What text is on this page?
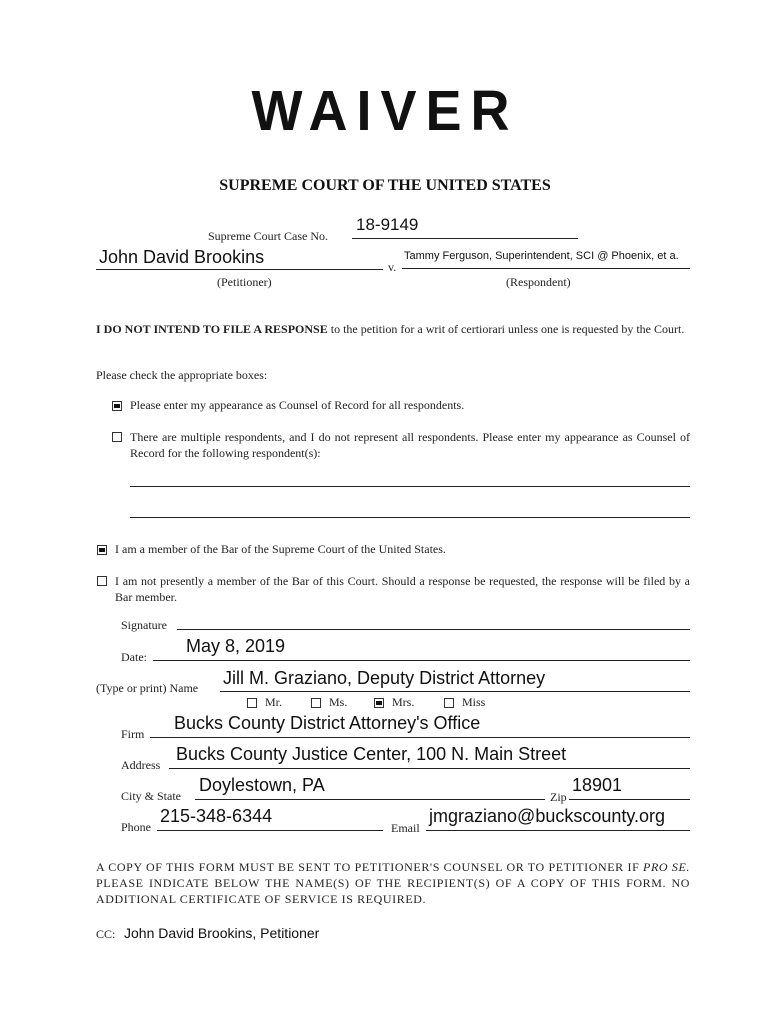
WAIVER
SUPREME COURT OF THE UNITED STATES
Supreme Court Case No.
18-9149
John David Brookins	v.
Tammy Ferguson, Superintendent, SCI @ Phoenix, et a.
(Petitioner)	(Respondent)
I DO NOT INTEND TO FILE A RESPONSE to the petition for a writ of certiorari unless one is requested by the Court.
Please check the appropriate boxes:
Please enter my appearance as Counsel of Record for all respondents.
There are multiple respondents, and I do not represent all respondents. Please enter my appearance as Counsel of Record for the following respondent(s):
I am a member of the Bar of the Supreme Court of the United States.
I am not presently a member of the Bar of this Court. Should a response be requested, the response will be filed by a Bar member.
Signature
Date:
May 8, 2019
(Type or print) Name Jill M. Graziano, Deputy District Attorney
Mr.	Ms.	Mrs.	Miss
Firm
Bucks County District Attorney's Office
Address
Bucks County Justice Center, 100 N. Main Street
City & State
Doylestown, PA
Zip
18901
Phone
215-348-6344
Email
jmgraziano@buckscounty.org
A COPY OF THIS FORM MUST BE SENT TO PETITIONER'S COUNSEL OR TO PETITIONER IF PRO SE. PLEASE INDICATE BELOW THE NAME(S) OF THE RECIPIENT(S) OF A COPY OF THIS FORM. NO ADDITIONAL CERTIFICATE OF SERVICE IS REQUIRED.
CC: John David Brookins, Petitioner
